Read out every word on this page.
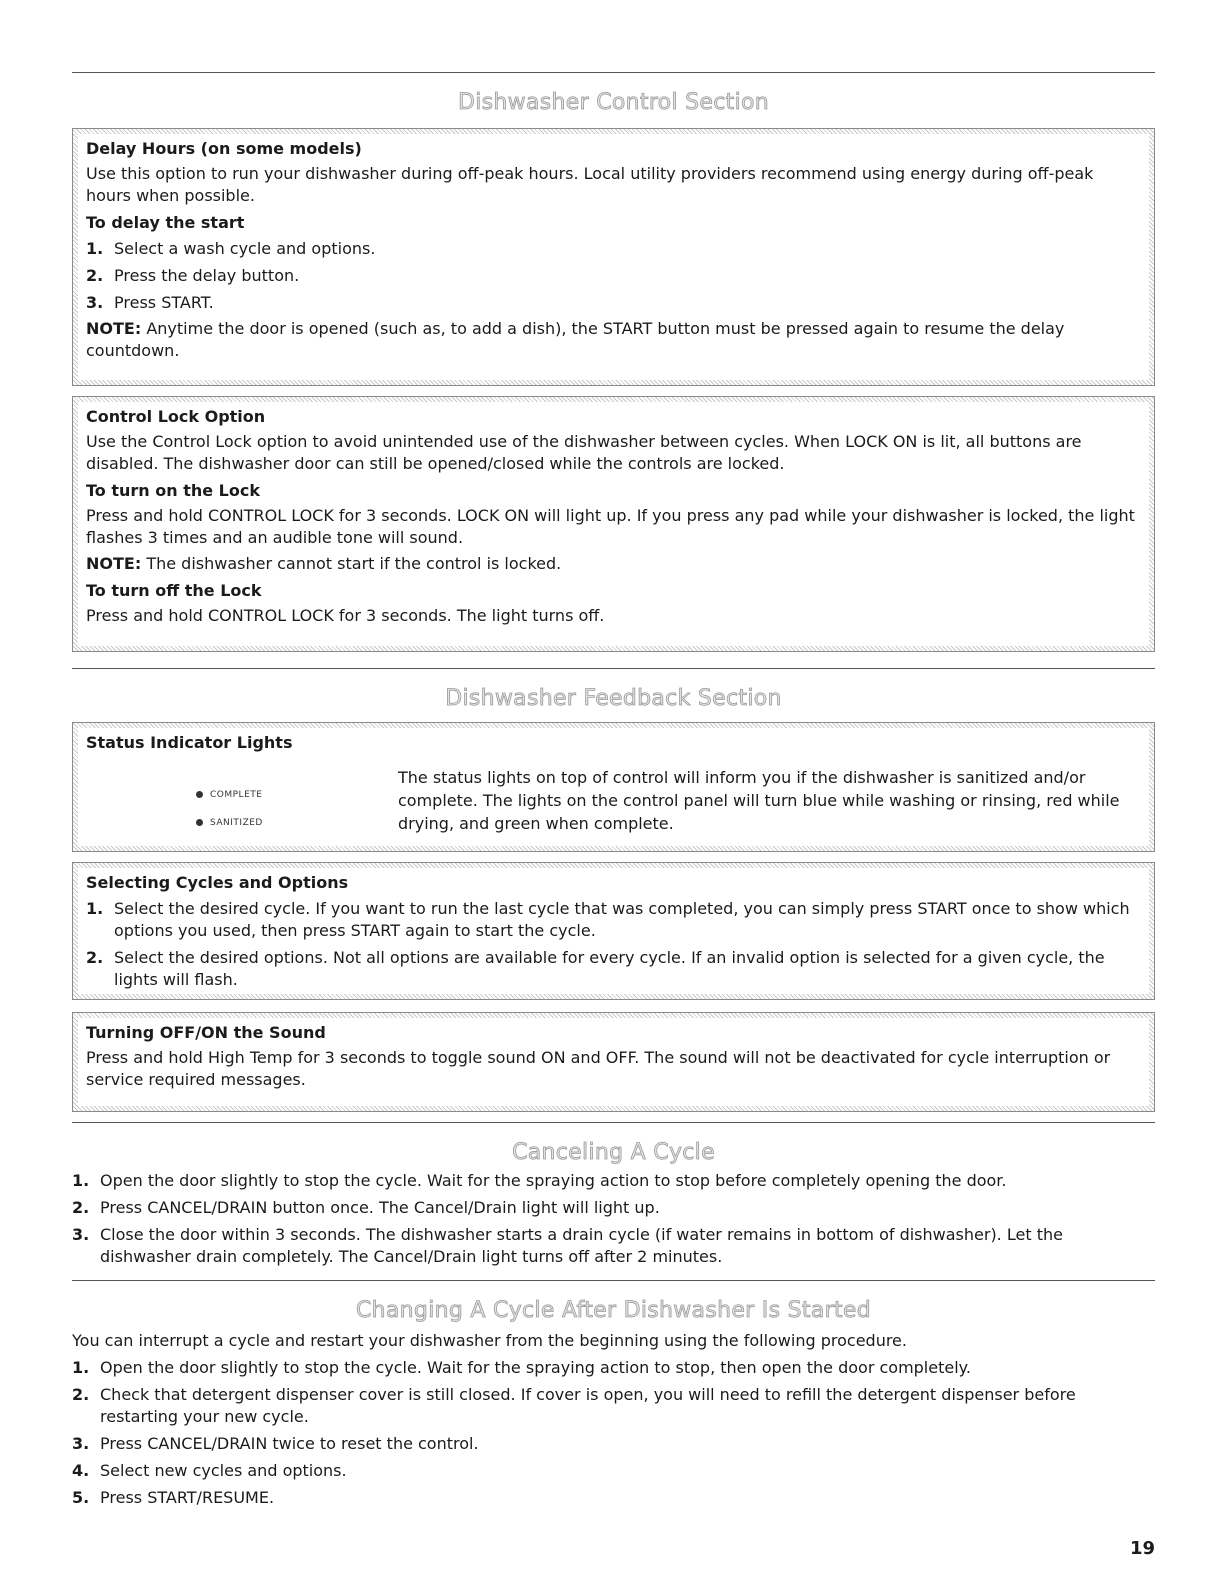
Dishwasher Control Section

Delay Hours (on some models)

Use this option to run your dishwasher during off-peak hours. Local utility providers recommend using energy during off-peak hours when possible.

To delay the start

1. Select a wash cycle and options.
2. Press the delay button.
3. Press START.

NOTE: Anytime the door is opened (such as, to add a dish), the START button must be pressed again to resume the delay countdown.

Control Lock Option

Use the Control Lock option to avoid unintended use of the dishwasher between cycles. When LOCK ON is lit, all buttons are disabled. The dishwasher door can still be opened/closed while the controls are locked.

To turn on the Lock

Press and hold CONTROL LOCK for 3 seconds. LOCK ON will light up. If you press any pad while your dishwasher is locked, the light flashes 3 times and an audible tone will sound.

NOTE: The dishwasher cannot start if the control is locked.

To turn off the Lock

Press and hold CONTROL LOCK for 3 seconds. The light turns off.

Dishwasher Feedback Section

Status Indicator Lights

COMPLETE
SANITIZED

The status lights on top of control will inform you if the dishwasher is sanitized and/or complete. The lights on the control panel will turn blue while washing or rinsing, red while drying, and green when complete.

Selecting Cycles and Options

1. Select the desired cycle. If you want to run the last cycle that was completed, you can simply press START once to show which options you used, then press START again to start the cycle.
2. Select the desired options. Not all options are available for every cycle. If an invalid option is selected for a given cycle, the lights will flash.

Turning OFF/ON the Sound

Press and hold High Temp for 3 seconds to toggle sound ON and OFF. The sound will not be deactivated for cycle interruption or service required messages.

Canceling A Cycle
1. Open the door slightly to stop the cycle. Wait for the spraying action to stop before completely opening the door.
2. Press CANCEL/DRAIN button once. The Cancel/Drain light will light up.
3. Close the door within 3 seconds. The dishwasher starts a drain cycle (if water remains in bottom of dishwasher). Let the dishwasher drain completely. The Cancel/Drain light turns off after 2 minutes.
Changing A Cycle After Dishwasher Is Started

You can interrupt a cycle and restart your dishwasher from the beginning using the following procedure.

1. Open the door slightly to stop the cycle. Wait for the spraying action to stop, then open the door completely.
2. Check that detergent dispenser cover is still closed. If cover is open, you will need to refill the detergent dispenser before restarting your new cycle.
3. Press CANCEL/DRAIN twice to reset the control.
4. Select new cycles and options.
5. Press START/RESUME.
19
